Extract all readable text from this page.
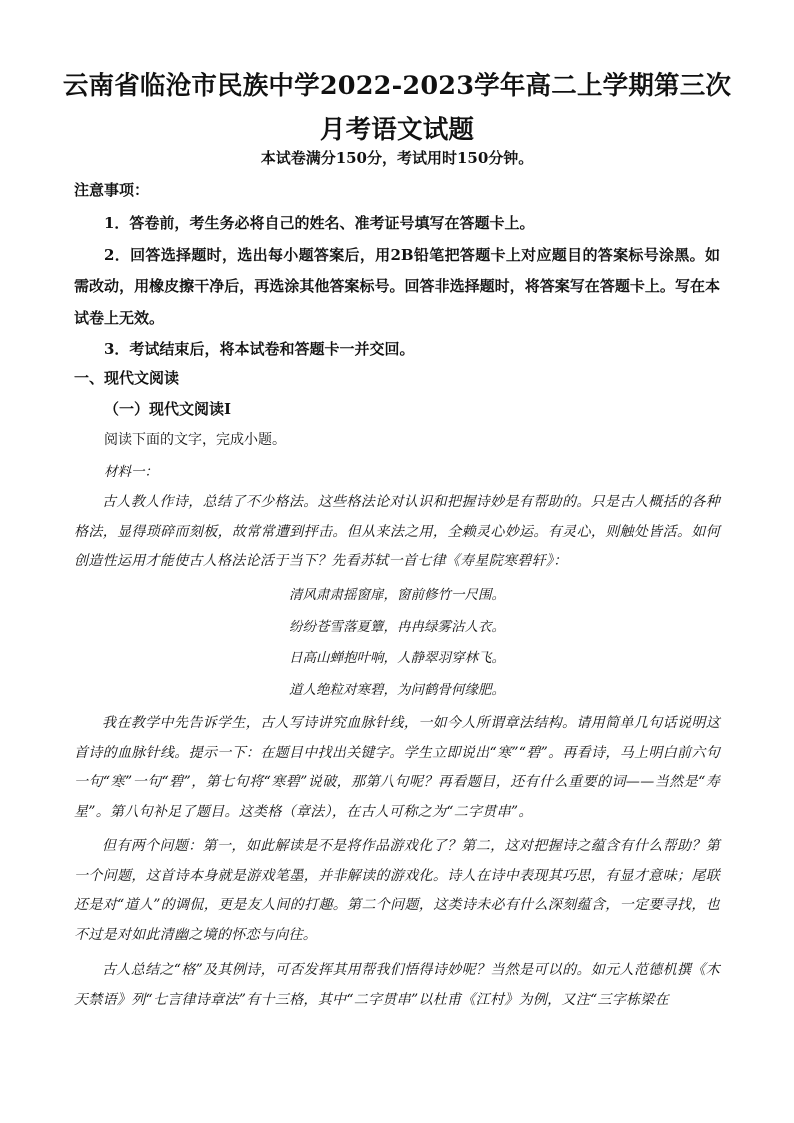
云南省临沧市民族中学2022-2023学年高二上学期第三次月考语文试题
本试卷满分150分，考试用时150分钟。
注意事项：

1．答卷前，考生务必将自己的姓名、准考证号填写在答题卡上。

2．回答选择题时，选出每小题答案后，用2B铅笔把答题卡上对应题目的答案标号涂黑。如需改动，用橡皮擦干净后，再选涂其他答案标号。回答非选择题时，将答案写在答题卡上。写在本试卷上无效。

3．考试结束后，将本试卷和答题卡一并交回。

一、现代文阅读
（一）现代文阅读Ⅰ
阅读下面的文字，完成小题。
材料一：

古人教人作诗，总结了不少格法。这些格法论对认识和把握诗妙是有帮助的。只是古人概括的各种格法，显得琐碎而刻板，故常常遭到抨击。但从来法之用，全赖灵心妙运。有灵心，则触处皆活。如何创造性运用才能使古人格法论活于当下？先看苏轼一首七律《寿星院寒碧轩》：

清风肃肃摇窗扉，窗前修竹一尺围。
纷纷苍雪落夏簟，冉冉绿雾沾人衣。
日高山蝉抱叶响，人静翠羽穿林飞。
道人绝粒对寒碧，为问鹤骨何缘肥。

我在教学中先告诉学生，古人写诗讲究血脉针线，一如今人所谓章法结构。请用简单几句话说明这首诗的血脉针线。提示一下：在题目中找出关键字。学生立即说出“寒”“碧”。再看诗，马上明白前六句一句“寒”一句“碧”，第七句将“寒碧”说破，那第八句呢？再看题目，还有什么重要的词——当然是“寿星”。第八句补足了题目。这类格（章法），在古人可称之为“二字贯串”。

但有两个问题：第一，如此解读是不是将作品游戏化了？第二，这对把握诗之蕴含有什么帮助？第一个问题，这首诗本身就是游戏笔墨，并非解读的游戏化。诗人在诗中表现其巧思，有显才意味；尾联还是对“道人”的调侃，更是友人间的打趣。第二个问题，这类诗未必有什么深刻蕴含，一定要寻找，也不过是对如此清幽之境的怀恋与向往。

古人总结之“格”及其例诗，可否发挥其用帮我们悟得诗妙呢？当然是可以的。如元人范德机撰《木天禁语》列“七言律诗章法”有十三格，其中“二字贯串”以杜甫《江村》为例，又注“三字栋梁在
